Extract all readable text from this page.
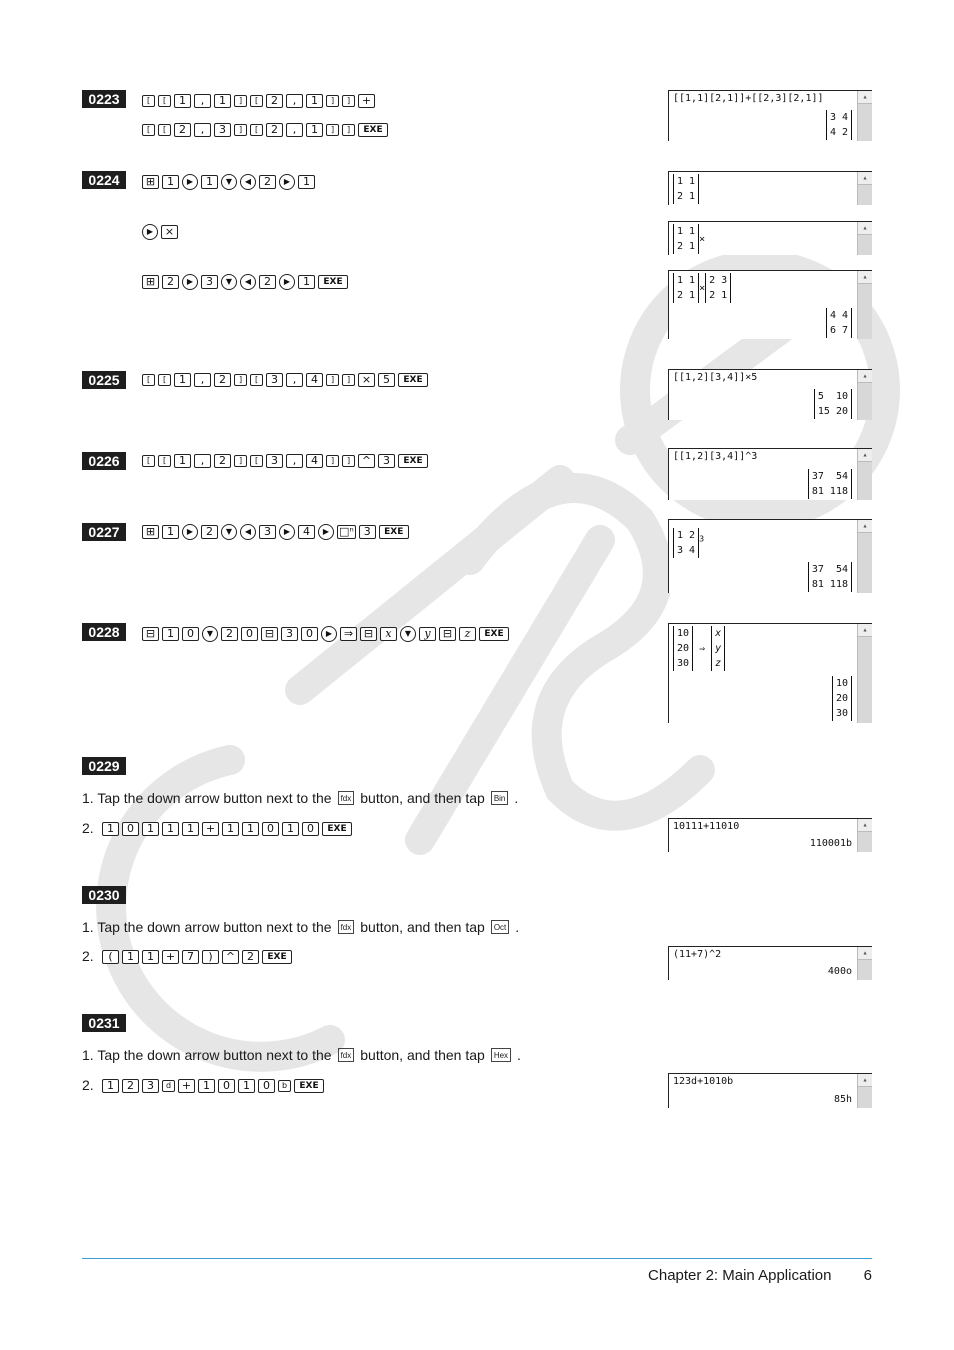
0223	[	[	1	,	1	]	[	2	,	1	]	]	+
[	[	2	,	3	]	[	2	,	1	]	]	EXE
▴
[[1,1][2,1]]+[[2,3][2,1]]
3 4
4 2
0224	⊞	1	▶	1	▼	◀	2	▶	1
▶	×
⊞	2	▶	3	▼	◀	2	▶	1	EXE
▴
1 1
2 1
▴
1 1
2 1
×
▴
1 1
2 1
×
2 3
2 1
4 4
6 7
0225	[	[	1	,	2	]	[	3	,	4	]	]	×	5	EXE ▴	[[1,2][3,4]]×5
5  10
15 20
0226	[	[	1	,	2	]	[	3	,	4	]	]	^	3	EXE ▴	[[1,2][3,4]]^3
37  54
81 118
0227	⊞	1	▶	2	▼	◀	3	▶	4	▶ □ⁿ 3	EXE ▴	1 2
3 4
$^3$
37  54
81 118
0228	⊟	1	0	▼	2	0	⊟	3	0	▶	⇒ ⊟	x	▼	y	⊟	z	EXE ▴	10
20
30
⇒
x
y
z
10
20
30
0229
1. Tap the down arrow button next to the	fdx button, and then tap	Bin .
2.	1	0	1	1	1	+	1	1	0	1	0	EXE ▴	10111+11010
110001b
0230
1. Tap the down arrow button next to the	fdx button, and then tap	Oct .
2.	(	1	1	+	7	)	^	2	EXE ▴	(11+7)^2
400o
0231
1. Tap the down arrow button next to the	fdx button, and then tap	Hex .
2.	1	2	3	d +	1	0	1	0	b	EXE ▴	123d+1010b
85h
Chapter 2: Main Application 6
